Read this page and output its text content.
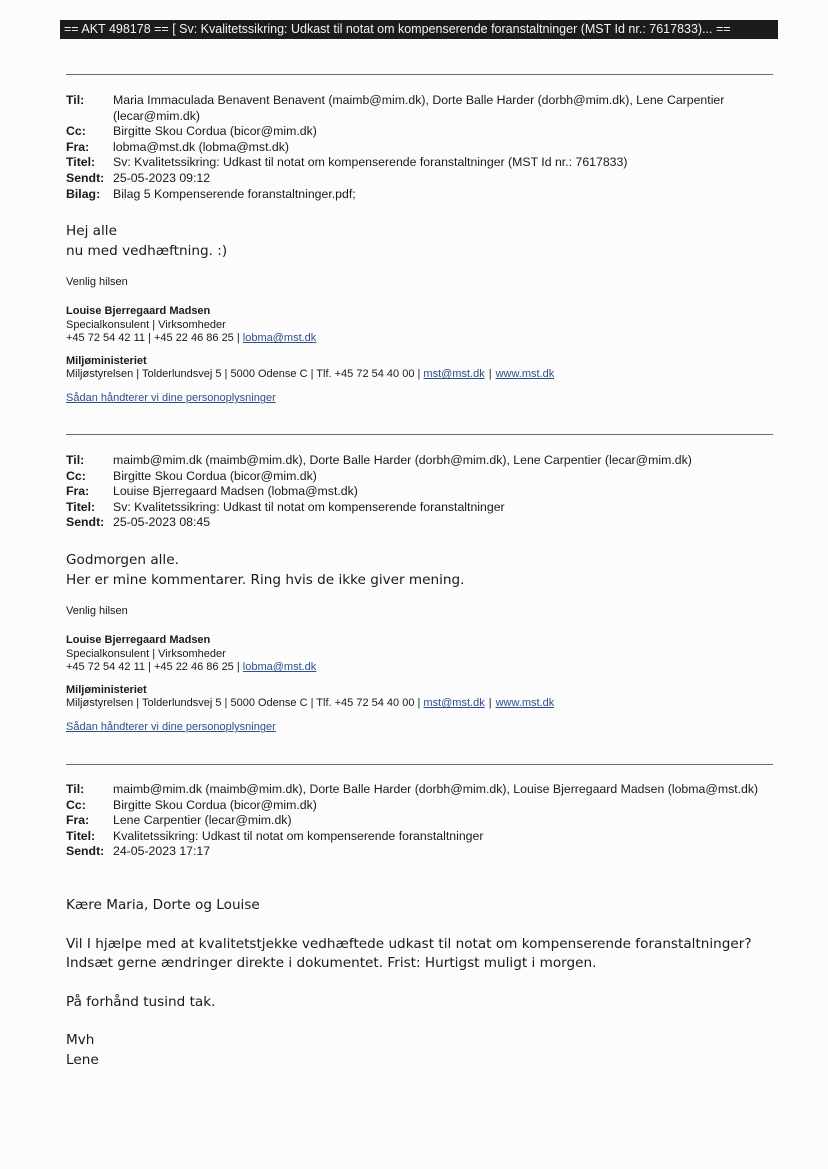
== AKT 498178 == [ Sv: Kvalitetssikring: Udkast til notat om kompenserende foranstaltninger (MST Id nr.: 7617833)... ==
Til:	Maria Immaculada Benavent Benavent (maimb@mim.dk), Dorte Balle Harder (dorbh@mim.dk), Lene Carpentier (lecar@mim.dk)
Cc:	Birgitte Skou Cordua (bicor@mim.dk)
Fra:	lobma@mst.dk (lobma@mst.dk)
Titel:	Sv: Kvalitetssikring: Udkast til notat om kompenserende foranstaltninger (MST Id nr.: 7617833)
Sendt: 25-05-2023 09:12
Bilag:	Bilag 5 Kompenserende foranstaltninger.pdf;
Hej alle
nu med vedhæftning. :)
Venlig hilsen
Louise Bjerregaard Madsen
Specialkonsulent | Virksomheder
+45 72 54 42 11 | +45 22 46 86 25 | lobma@mst.dk
Miljøministeriet
Miljøstyrelsen | Tolderlundsvej 5 | 5000 Odense C | Tlf. +45 72 54 40 00 | mst@mst.dk | www.mst.dk
Sådan håndterer vi dine personoplysninger
Til:	maimb@mim.dk (maimb@mim.dk), Dorte Balle Harder (dorbh@mim.dk), Lene Carpentier (lecar@mim.dk)
Cc:	Birgitte Skou Cordua (bicor@mim.dk)
Fra:	Louise Bjerregaard Madsen (lobma@mst.dk)
Titel:	Sv: Kvalitetssikring: Udkast til notat om kompenserende foranstaltninger
Sendt: 25-05-2023 08:45
Godmorgen alle.
Her er mine kommentarer. Ring hvis de ikke giver mening.
Venlig hilsen
Louise Bjerregaard Madsen
Specialkonsulent | Virksomheder
+45 72 54 42 11 | +45 22 46 86 25 | lobma@mst.dk
Miljøministeriet
Miljøstyrelsen | Tolderlundsvej 5 | 5000 Odense C | Tlf. +45 72 54 40 00 | mst@mst.dk | www.mst.dk
Sådan håndterer vi dine personoplysninger
Til:	maimb@mim.dk (maimb@mim.dk), Dorte Balle Harder (dorbh@mim.dk), Louise Bjerregaard Madsen (lobma@mst.dk)
Cc:	Birgitte Skou Cordua (bicor@mim.dk)
Fra:	Lene Carpentier (lecar@mim.dk)
Titel:	Kvalitetssikring: Udkast til notat om kompenserende foranstaltninger
Sendt: 24-05-2023 17:17
Kære Maria, Dorte og Louise
Vil I hjælpe med at kvalitetstjekke vedhæftede udkast til notat om kompenserende foranstaltninger? Indsæt gerne ændringer direkte i dokumentet. Frist: Hurtigst muligt i morgen.
På forhånd tusind tak.
Mvh
Lene
